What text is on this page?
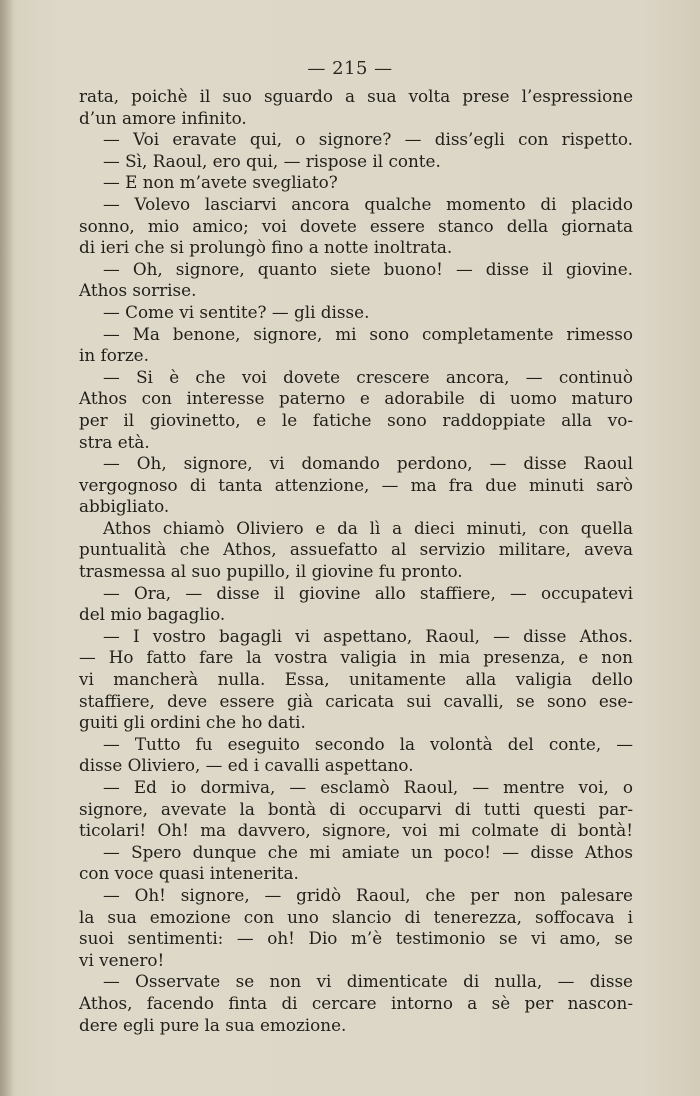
— 215 —
rata, poichè il suo sguardo a sua volta prese l’espressione
d’un amore infinito.
— Voi eravate qui, o signore? — diss’egli con rispetto.
— Sì, Raoul, ero qui, — rispose il conte.
— E non m’avete svegliato?
— Volevo lasciarvi ancora qualche momento di placido
sonno, mio amico; voi dovete essere stanco della giornata
di ieri che si prolungò fino a notte inoltrata.
— Oh, signore, quanto siete buono! — disse il giovine.
Athos sorrise.
— Come vi sentite? — gli disse.
— Ma benone, signore, mi sono completamente rimesso
in forze.
— Si è che voi dovete crescere ancora, — continuò
Athos con interesse paterno e adorabile di uomo maturo
per il giovinetto, e le fatiche sono raddoppiate alla vo-
stra età.
— Oh, signore, vi domando perdono, — disse Raoul
vergognoso di tanta attenzione, — ma fra due minuti sarò
abbigliato.
Athos chiamò Oliviero e da lì a dieci minuti, con quella
puntualità che Athos, assuefatto al servizio militare, aveva
trasmessa al suo pupillo, il giovine fu pronto.
— Ora, — disse il giovine allo staffiere, — occupatevi
del mio bagaglio.
— I vostro bagagli vi aspettano, Raoul, — disse Athos.
— Ho fatto fare la vostra valigia in mia presenza, e non
vi mancherà nulla. Essa, unitamente alla valigia dello
staffiere, deve essere già caricata sui cavalli, se sono ese-
guiti gli ordini che ho dati.
— Tutto fu eseguito secondo la volontà del conte, —
disse Oliviero, — ed i cavalli aspettano.
— Ed io dormiva, — esclamò Raoul, — mentre voi, o
signore, avevate la bontà di occuparvi di tutti questi par-
ticolari! Oh! ma davvero, signore, voi mi colmate di bontà!
— Spero dunque che mi amiate un poco! — disse Athos
con voce quasi intenerita.
— Oh! signore, — gridò Raoul, che per non palesare
la sua emozione con uno slancio di tenerezza, soffocava i
suoi sentimenti: — oh! Dio m’è testimonio se vi amo, se
vi venero!
— Osservate se non vi dimenticate di nulla, — disse
Athos, facendo finta di cercare intorno a sè per nascon-
dere egli pure la sua emozione.
